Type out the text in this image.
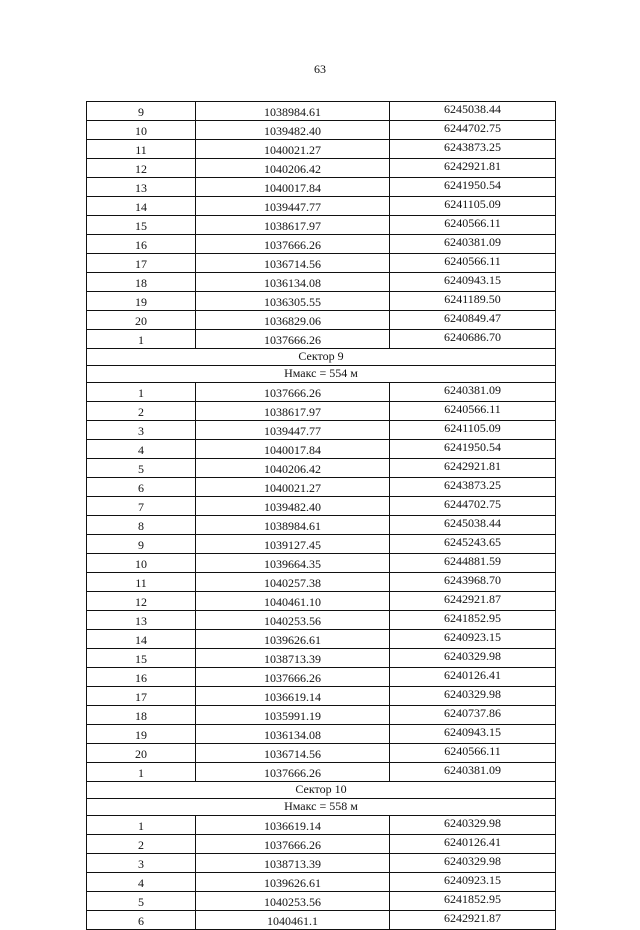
63
9	1038984.61	6245038.44

10	1039482.40	6244702.75

11	1040021.27	6243873.25

12	1040206.42	6242921.81

13	1040017.84	6241950.54

14	1039447.77	6241105.09

15	1038617.97	6240566.11

16	1037666.26	6240381.09

17	1036714.56	6240566.11

18	1036134.08	6240943.15

19	1036305.55	6241189.50

20	1036829.06	6240849.47

1	1037666.26	6240686.70

Сектор 9		

Нмакс = 554 м		

1	1037666.26	6240381.09

2	1038617.97	6240566.11

3	1039447.77	6241105.09

4	1040017.84	6241950.54

5	1040206.42	6242921.81

6	1040021.27	6243873.25

7	1039482.40	6244702.75

8	1038984.61	6245038.44

9	1039127.45	6245243.65

10	1039664.35	6244881.59

11	1040257.38	6243968.70

12	1040461.10	6242921.87

13	1040253.56	6241852.95

14	1039626.61	6240923.15

15	1038713.39	6240329.98

16	1037666.26	6240126.41

17	1036619.14	6240329.98

18	1035991.19	6240737.86

19	1036134.08	6240943.15

20	1036714.56	6240566.11

1	1037666.26	6240381.09

Сектор 10		

Нмакс = 558 м		

1	1036619.14	6240329.98

2	1037666.26	6240126.41

3	1038713.39	6240329.98

4	1039626.61	6240923.15

5	1040253.56	6241852.95

6	1040461.1	6242921.87
